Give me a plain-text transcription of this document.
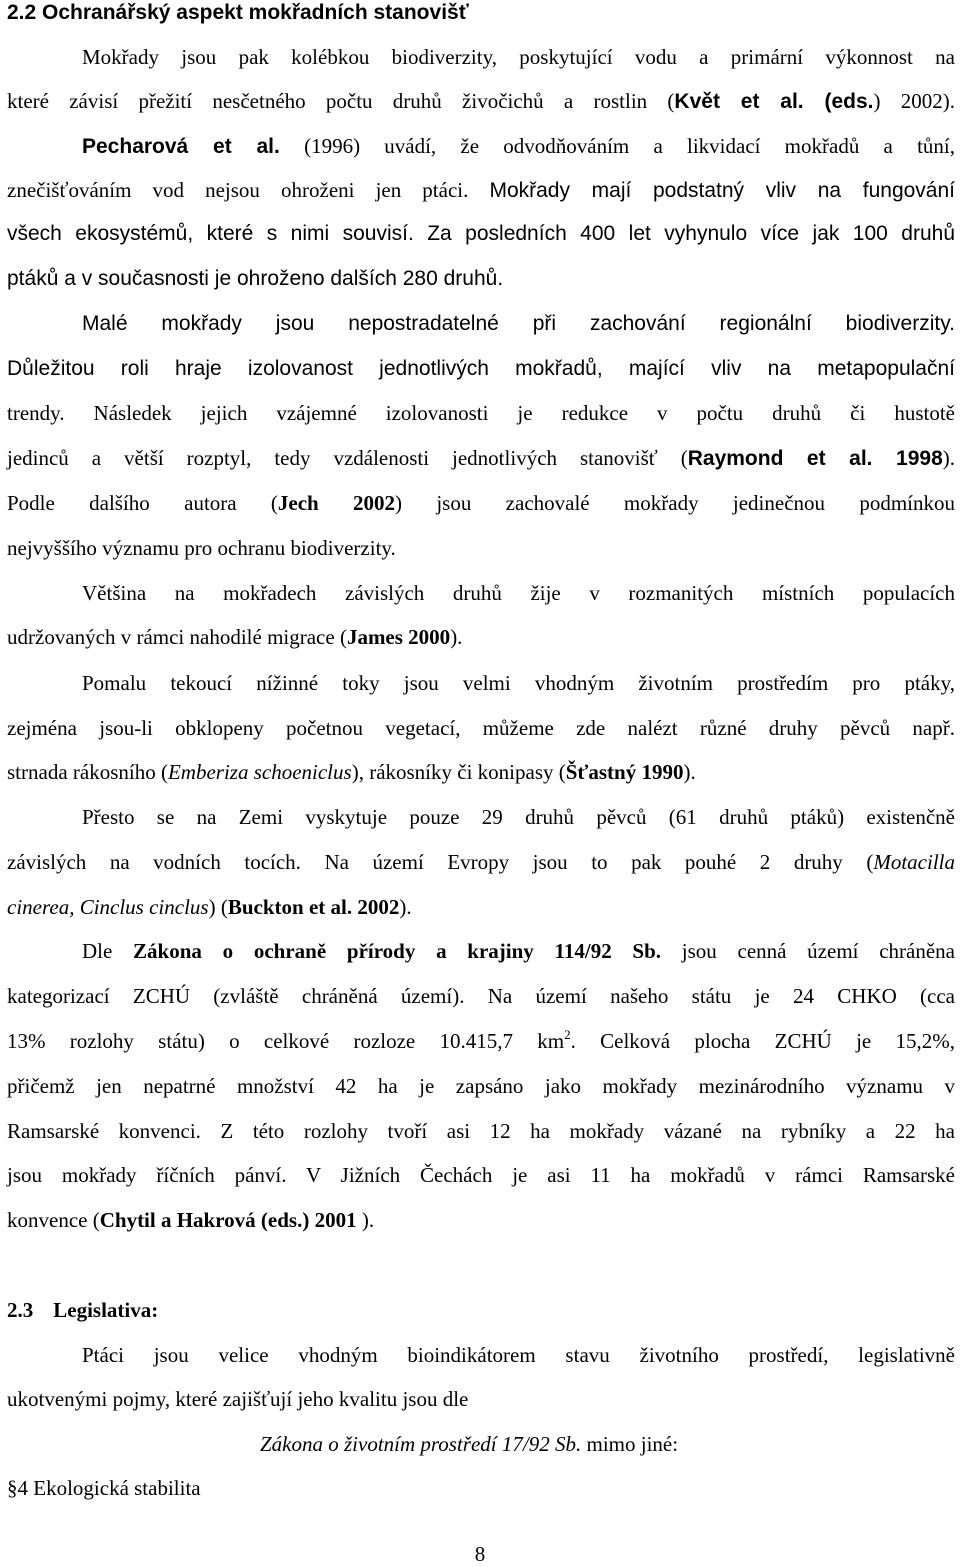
2.2 Ochranářský aspekt mokřadních stanovišť
Mokřady jsou pak kolébkou biodiverzity, poskytující vodu a primární výkonnost na
které závisí přežití nesčetného počtu druhů živočichů a rostlin (Květ et al. (eds.) 2002).
Pecharová et al. (1996) uvádí, že odvodňováním a likvidací mokřadů a tůní,
znečišťováním vod nejsou ohroženi jen ptáci. Mokřady mají podstatný vliv na fungování
všech ekosystémů, které s nimi souvisí. Za posledních 400 let vyhynulo více jak 100 druhů
ptáků a v současnosti je ohroženo dalších 280 druhů.
Malé mokřady jsou nepostradatelné při zachování regionální biodiverzity.
Důležitou roli hraje izolovanost jednotlivých mokřadů, mající vliv na metapopulační
trendy. Následek jejich vzájemné izolovanosti je redukce v počtu druhů či hustotě
jedinců a větší rozptyl, tedy vzdálenosti jednotlivých stanovišť (Raymond et al. 1998).
Podle dalšího autora (Jech 2002) jsou zachovalé mokřady jedinečnou podmínkou
nejvyššího významu pro ochranu biodiverzity.
Většina na mokřadech závislých druhů žije v rozmanitých místních populacích
udržovaných v rámci nahodilé migrace (James 2000).
Pomalu tekoucí nížinné toky jsou velmi vhodným životním prostředím pro ptáky,
zejména jsou-li obklopeny početnou vegetací, můžeme zde nalézt různé druhy pěvců např.
strnada rákosního (Emberiza schoeniclus), rákosníky či konipasy (Šťastný 1990).
Přesto se na Zemi vyskytuje pouze 29 druhů pěvců (61 druhů ptáků) existenčně
závislých na vodních tocích. Na území Evropy jsou to pak pouhé 2 druhy (Motacilla
cinerea, Cinclus cinclus) (Buckton et al. 2002).
Dle Zákona o ochraně přírody a krajiny 114/92 Sb. jsou cenná území chráněna
kategorizací ZCHÚ (zvláště chráněná území). Na území našeho státu je 24 CHKO (cca
13% rozlohy státu) o celkové rozloze 10.415,7 $km^2$. Celková plocha ZCHÚ je 15,2%,
přičemž jen nepatrné množství 42 ha je zapsáno jako mokřady mezinárodního významu v
Ramsarské konvenci. Z této rozlohy tvoří asi 12 ha mokřady vázané na rybníky a 22 ha
jsou mokřady říčních pánví. V Jižních Čechách je asi 11 ha mokřadů v rámci Ramsarské
konvence (Chytil a Hakrová (eds.) 2001 ).
2.3 Legislativa:
Ptáci jsou velice vhodným bioindikátorem stavu životního prostředí, legislativně
ukotvenými pojmy, které zajišťují jeho kvalitu jsou dle
Zákona o životním prostředí 17/92 Sb. mimo jiné:
§4 Ekologická stabilita
8
